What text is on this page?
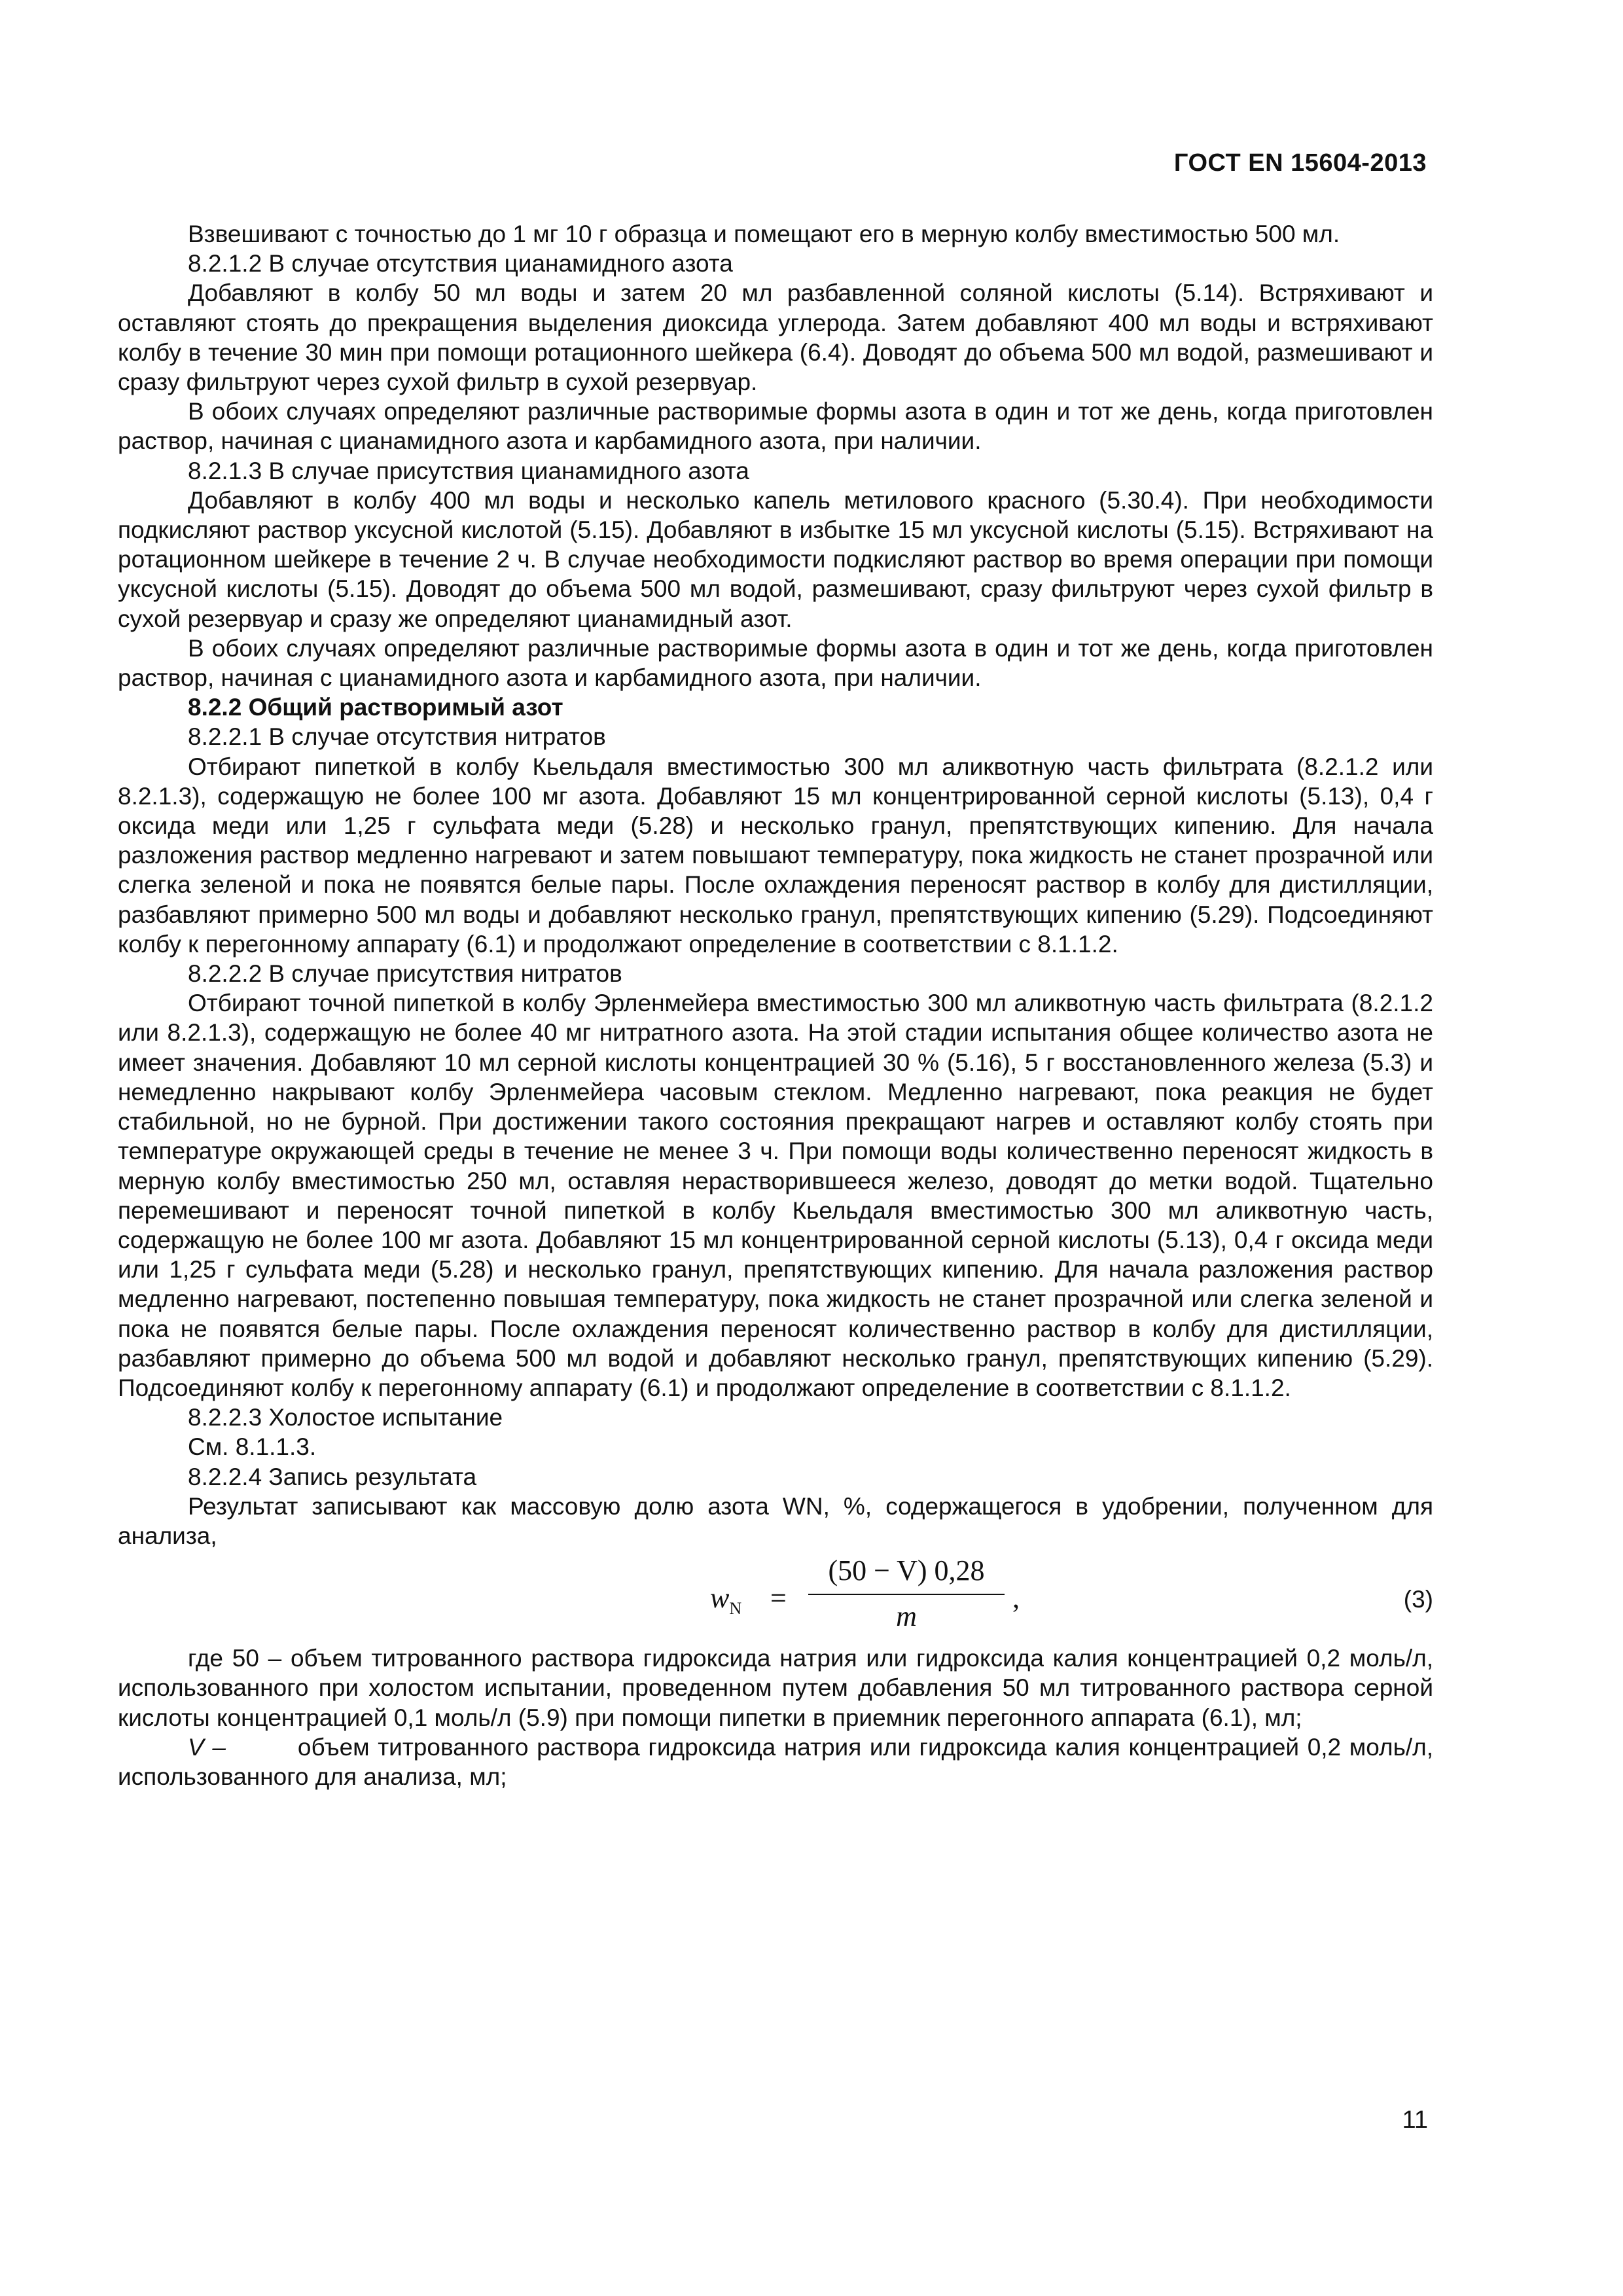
ГОСТ EN 15604-2013

Взвешивают с точностью до 1 мг 10 г образца и помещают его в мерную колбу вместимостью 500 мл.

8.2.1.2 В случае отсутствия цианамидного азота

Добавляют в колбу 50 мл воды и затем 20 мл разбавленной соляной кислоты (5.14). Встряхивают и оставляют стоять до прекращения выделения диоксида углерода. Затем добавляют 400 мл воды и встряхивают колбу в течение 30 мин при помощи ротационного шейкера (6.4). Доводят до объема 500 мл водой, размешивают и сразу фильтруют через сухой фильтр в сухой резервуар.

В обоих случаях определяют различные растворимые формы азота в один и тот же день, когда приготовлен раствор, начиная с цианамидного азота и карбамидного азота, при наличии.

8.2.1.3 В случае присутствия цианамидного азота

Добавляют в колбу 400 мл воды и несколько капель метилового красного (5.30.4). При необходимости подкисляют раствор уксусной кислотой (5.15). Добавляют в избытке 15 мл уксусной кислоты (5.15). Встряхивают на ротационном шейкере в течение 2 ч. В случае необходимости подкисляют раствор во время операции при помощи уксусной кислоты (5.15). Доводят до объема 500 мл водой, размешивают, сразу фильтруют через сухой фильтр в сухой резервуар и сразу же определяют цианамидный азот.

В обоих случаях определяют различные растворимые формы азота в один и тот же день, когда приготовлен раствор, начиная с цианамидного азота и карбамидного азота, при наличии.

8.2.2 Общий растворимый азот

8.2.2.1 В случае отсутствия нитратов

Отбирают пипеткой в колбу Кьельдаля вместимостью 300 мл аликвотную часть фильтрата (8.2.1.2 или 8.2.1.3), содержащую не более 100 мг азота. Добавляют 15 мл концентрированной серной кислоты (5.13), 0,4 г оксида меди или 1,25 г сульфата меди (5.28) и несколько гранул, препятствующих кипению. Для начала разложения раствор медленно нагревают и затем повышают температуру, пока жидкость не станет прозрачной или слегка зеленой и пока не появятся белые пары. После охлаждения переносят раствор в колбу для дистилляции, разбавляют примерно 500 мл воды и добавляют несколько гранул, препятствующих кипению (5.29). Подсоединяют колбу к перегонному аппарату (6.1) и продолжают определение в соответствии с 8.1.1.2.

8.2.2.2 В случае присутствия нитратов

Отбирают точной пипеткой в колбу Эрленмейера вместимостью 300 мл аликвотную часть фильтрата (8.2.1.2 или 8.2.1.3), содержащую не более 40 мг нитратного азота. На этой стадии испытания общее количество азота не имеет значения. Добавляют 10 мл серной кислоты концентрацией 30 % (5.16), 5 г восстановленного железа (5.3) и немедленно накрывают колбу Эрленмейера часовым стеклом. Медленно нагревают, пока реакция не будет стабильной, но не бурной. При достижении такого состояния прекращают нагрев и оставляют колбу стоять при температуре окружающей среды в течение не менее 3 ч. При помощи воды количественно переносят жидкость в мерную колбу вместимостью 250 мл, оставляя нерастворившееся железо, доводят до метки водой. Тщательно перемешивают и переносят точной пипеткой в колбу Кьельдаля вместимостью 300 мл аликвотную часть, содержащую не более 100 мг азота. Добавляют 15 мл концентрированной серной кислоты (5.13), 0,4 г оксида меди или 1,25 г сульфата меди (5.28) и несколько гранул, препятствующих кипению. Для начала разложения раствор медленно нагревают, постепенно повышая температуру, пока жидкость не станет прозрачной или слегка зеленой и пока не появятся белые пары. После охлаждения переносят количественно раствор в колбу для дистилляции, разбавляют примерно до объема 500 мл водой и добавляют несколько гранул, препятствующих кипению (5.29). Подсоединяют колбу к перегонному аппарату (6.1) и продолжают определение в соответствии с 8.1.1.2.

8.2.2.3 Холостое испытание

См. 8.1.1.3.

8.2.2.4 Запись результата

Результат записывают как массовую долю азота WN, %, содержащегося в удобрении, полученном для анализа,

$w_N$ =
(50 − V) 0,28
m
,	(3)

где 50 – объем титрованного раствора гидроксида натрия или гидроксида калия концентрацией 0,2 моль/л, использованного при холостом испытании, проведенном путем добавления 50 мл титрованного раствора серной кислоты концентрацией 0,1 моль/л (5.9) при помощи пипетки в приемник перегонного аппарата (6.1), мл;

V –	объем титрованного раствора гидроксида натрия или гидроксида калия концентрацией 0,2 моль/л, использованного для анализа, мл;

11
